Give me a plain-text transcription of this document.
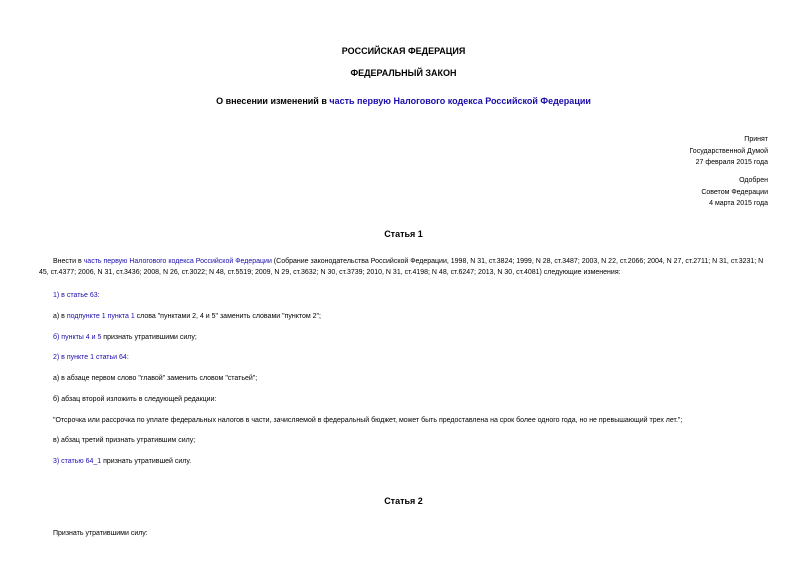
РОССИЙСКАЯ ФЕДЕРАЦИЯ
ФЕДЕРАЛЬНЫЙ ЗАКОН
О внесении изменений в часть первую Налогового кодекса Российской Федерации
Принят
Государственной Думой
27 февраля 2015 года
Одобрен
Советом Федерации
4 марта 2015 года
Статья 1
Внести в часть первую Налогового кодекса Российской Федерации (Собрание законодательства Российской Федерации, 1998, N 31, ст.3824; 1999, N 28, ст.3487; 2003, N 22, ст.2066; 2004, N 27, ст.2711; N 31, ст.3231; N 45, ст.4377; 2006, N 31, ст.3436; 2008, N 26, ст.3022; N 48, ст.5519; 2009, N 29, ст.3632; N 30, ст.3739; 2010, N 31, ст.4198; N 48, ст.6247; 2013, N 30, ст.4081) следующие изменения:
1) в статье 63:
а) в подпункте 1 пункта 1 слова "пунктами 2, 4 и 5" заменить словами "пунктом 2";
б) пункты 4 и 5 признать утратившими силу;
2) в пункте 1 статьи 64:
а) в абзаце первом слово "главой" заменить словом "статьей";
б) абзац второй изложить в следующей редакции:
"Отсрочка или рассрочка по уплате федеральных налогов в части, зачисляемой в федеральный бюджет, может быть предоставлена на срок более одного года, но не превышающий трех лет.";
в) абзац третий признать утратившим силу;
3) статью 64_1 признать утратившей силу.
Статья 2
Признать утратившими силу:
